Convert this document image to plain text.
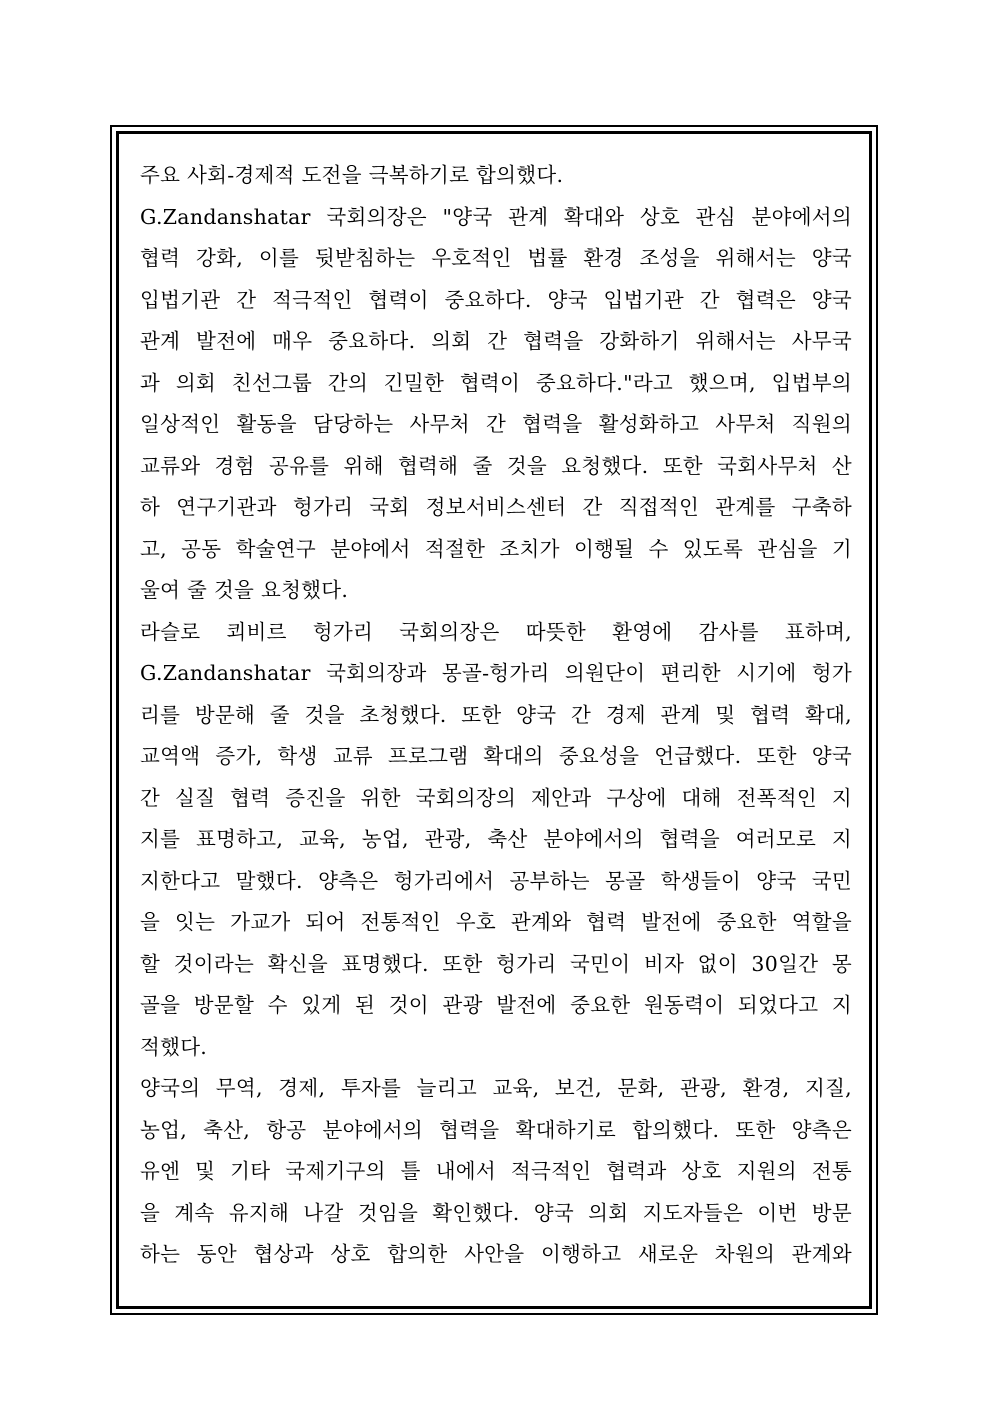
주요 사회-경제적 도전을 극복하기로 합의했다.
G.Zandanshatar 국회의장은 "양국 관계 확대와 상호 관심 분야에서의
협력 강화, 이를 뒷받침하는 우호적인 법률 환경 조성을 위해서는 양국
입법기관 간 적극적인 협력이 중요하다. 양국 입법기관 간 협력은 양국
관계 발전에 매우 중요하다. 의회 간 협력을 강화하기 위해서는 사무국
과 의회 친선그룹 간의 긴밀한 협력이 중요하다."라고 했으며, 입법부의
일상적인 활동을 담당하는 사무처 간 협력을 활성화하고 사무처 직원의
교류와 경험 공유를 위해 협력해 줄 것을 요청했다. 또한 국회사무처 산
하 연구기관과 헝가리 국회 정보서비스센터 간 직접적인 관계를 구축하
고, 공동 학술연구 분야에서 적절한 조치가 이행될 수 있도록 관심을 기
울여 줄 것을 요청했다.
라슬로 쾨비르 헝가리 국회의장은 따뜻한 환영에 감사를 표하며,
G.Zandanshatar 국회의장과 몽골-헝가리 의원단이 편리한 시기에 헝가
리를 방문해 줄 것을 초청했다. 또한 양국 간 경제 관계 및 협력 확대,
교역액 증가, 학생 교류 프로그램 확대의 중요성을 언급했다. 또한 양국
간 실질 협력 증진을 위한 국회의장의 제안과 구상에 대해 전폭적인 지
지를 표명하고, 교육, 농업, 관광, 축산 분야에서의 협력을 여러모로 지
지한다고 말했다. 양측은 헝가리에서 공부하는 몽골 학생들이 양국 국민
을 잇는 가교가 되어 전통적인 우호 관계와 협력 발전에 중요한 역할을
할 것이라는 확신을 표명했다. 또한 헝가리 국민이 비자 없이 30일간 몽
골을 방문할 수 있게 된 것이 관광 발전에 중요한 원동력이 되었다고 지
적했다.
양국의 무역, 경제, 투자를 늘리고 교육, 보건, 문화, 관광, 환경, 지질,
농업, 축산, 항공 분야에서의 협력을 확대하기로 합의했다. 또한 양측은
유엔 및 기타 국제기구의 틀 내에서 적극적인 협력과 상호 지원의 전통
을 계속 유지해 나갈 것임을 확인했다. 양국 의회 지도자들은 이번 방문
하는 동안 협상과 상호 합의한 사안을 이행하고 새로운 차원의 관계와
